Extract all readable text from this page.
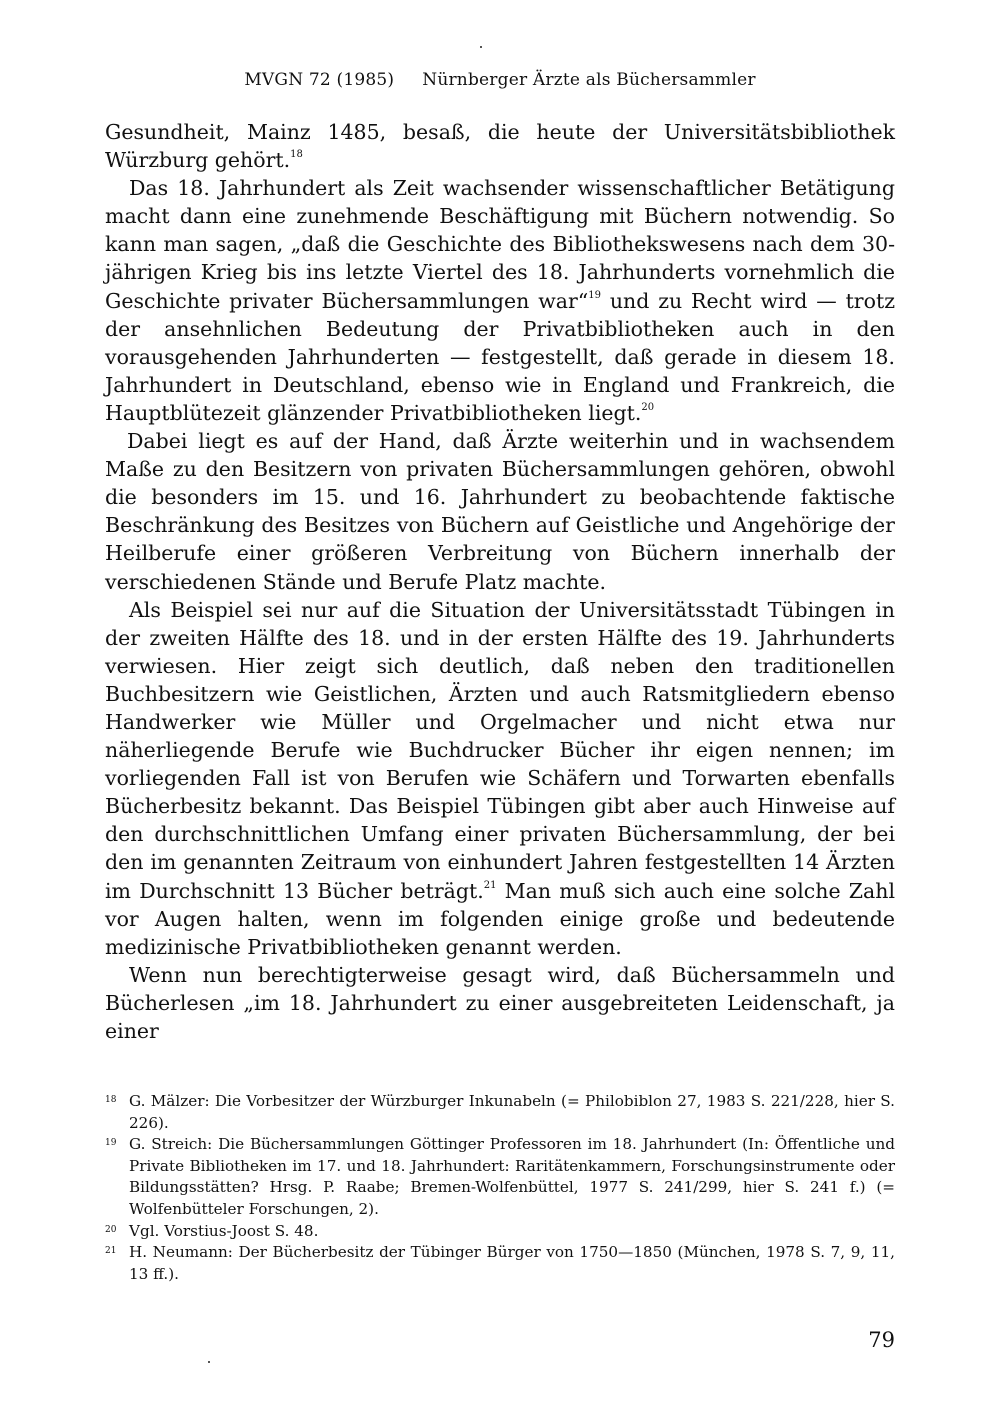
MVGN 72 (1985) Nürnberger Ärzte als Büchersammler

Gesundheit, Mainz 1485, besaß, die heute der Universitätsbibliothek Würzburg gehört.$^{18}$

Das 18. Jahrhundert als Zeit wachsender wissenschaftlicher Betätigung macht dann eine zunehmende Beschäftigung mit Büchern notwendig. So kann man sagen, „daß die Geschichte des Bibliothekswesens nach dem 30-jährigen Krieg bis ins letzte Viertel des 18. Jahrhunderts vornehmlich die Geschichte privater Büchersammlungen war“$^{19}$ und zu Recht wird — trotz der ansehnlichen Bedeutung der Privatbibliotheken auch in den vorausgehenden Jahrhunderten — festgestellt, daß gerade in diesem 18. Jahrhundert in Deutschland, ebenso wie in England und Frankreich, die Hauptblütezeit glänzender Privatbibliotheken liegt.$^{20}$

Dabei liegt es auf der Hand, daß Ärzte weiterhin und in wachsendem Maße zu den Besitzern von privaten Büchersammlungen gehören, obwohl die besonders im 15. und 16. Jahrhundert zu beobachtende faktische Beschränkung des Besitzes von Büchern auf Geistliche und Angehörige der Heilberufe einer größeren Verbreitung von Büchern innerhalb der verschiedenen Stände und Berufe Platz machte.

Als Beispiel sei nur auf die Situation der Universitätsstadt Tübingen in der zweiten Hälfte des 18. und in der ersten Hälfte des 19. Jahrhunderts verwiesen. Hier zeigt sich deutlich, daß neben den traditionellen Buchbesitzern wie Geistlichen, Ärzten und auch Ratsmitgliedern ebenso Handwerker wie Müller und Orgelmacher und nicht etwa nur näherliegende Berufe wie Buchdrucker Bücher ihr eigen nennen; im vorliegenden Fall ist von Berufen wie Schäfern und Torwarten ebenfalls Bücherbesitz bekannt. Das Beispiel Tübingen gibt aber auch Hinweise auf den durchschnittlichen Umfang einer privaten Büchersammlung, der bei den im genannten Zeitraum von einhundert Jahren festgestellten 14 Ärzten im Durchschnitt 13 Bücher beträgt.$^{21}$ Man muß sich auch eine solche Zahl vor Augen halten, wenn im folgenden einige große und bedeutende medizinische Privatbibliotheken genannt werden.

Wenn nun berechtigterweise gesagt wird, daß Büchersammeln und Bücherlesen „im 18. Jahrhundert zu einer ausgebreiteten Leidenschaft, ja einer

18 G. Mälzer: Die Vorbesitzer der Würzburger Inkunabeln (= Philobiblon 27, 1983 S. 221/228, hier S. 226).
19 G. Streich: Die Büchersammlungen Göttinger Professoren im 18. Jahrhundert (In: Öffentliche und Private Bibliotheken im 17. und 18. Jahrhundert: Raritätenkammern, Forschungsinstrumente oder Bildungsstätten? Hrsg. P. Raabe; Bremen-Wolfenbüttel, 1977 S. 241/299, hier S. 241 f.) (= Wolfenbütteler Forschungen, 2).
20 Vgl. Vorstius-Joost S. 48.
21 H. Neumann: Der Bücherbesitz der Tübinger Bürger von 1750—1850 (München, 1978 S. 7, 9, 11, 13 ff.).
79
